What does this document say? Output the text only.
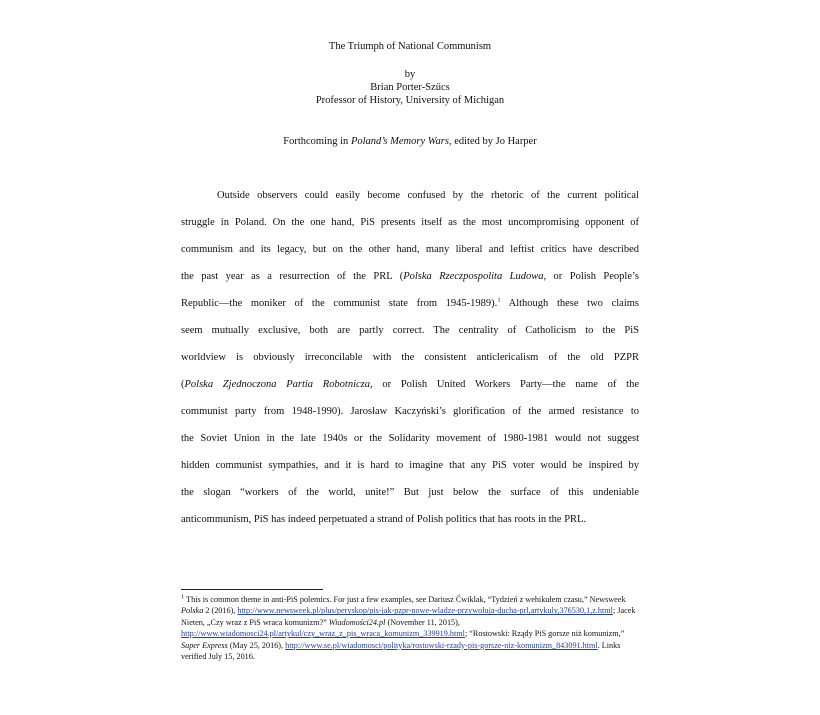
The Triumph of National Communism
by
Brian Porter-Szűcs
Professor of History, University of Michigan
Forthcoming in Poland’s Memory Wars, edited by Jo Harper
Outside observers could easily become confused by the rhetoric of the current political
struggle in Poland. On the one hand, PiS presents itself as the most uncompromising opponent of
communism and its legacy, but on the other hand, many liberal and leftist critics have described
the past year as a resurrection of the PRL (Polska Rzeczpospolita Ludowa, or Polish People’s
Republic—the moniker of the communist state from 1945-1989).$^1$ Although these two claims
seem mutually exclusive, both are partly correct. The centrality of Catholicism to the PiS
worldview is obviously irreconcilable with the consistent anticlericalism of the old PZPR
(Polska Zjednoczona Partia Robotnicza, or Polish United Workers Party—the name of the
communist party from 1948-1990). Jarosław Kaczyński’s glorification of the armed resistance to
the Soviet Union in the late 1940s or the Solidarity movement of 1980-1981 would not suggest
hidden communist sympathies, and it is hard to imagine that any PiS voter would be inspired by
the slogan “workers of the world, unite!” But just below the surface of this undeniable
anticommunism, PiS has indeed perpetuated a strand of Polish politics that has roots in the PRL.
$^1$ This is common theme in anti-PiS polemics. For just a few examples, see Dariusz Ćwiklak, “Tydzień z wehikułem czasu,” Newsweek Polska 2 (2016), http://www.newsweek.pl/plus/peryskop/pis-jak-pzpr-nowe-wladze-przywoluja-ducha-prl,artykuly,376530,1,z.html; Jacek Nieten, „Czy wraz z PiS wraca komunizm?” Wiadomości24.pl (November 11, 2015), http://www.wiadomosci24.pl/artykul/czy_wraz_z_pis_wraca_komunizm_339919.html; “Rostowski: Rządy PiS gorsze niż komunizm,” Super Express (May 25, 2016), http://www.se.pl/wiadomosci/polityka/rostowski-rzady-pis-gorsze-niz-komunizm_843091.html. Links verified July 15, 2016.
